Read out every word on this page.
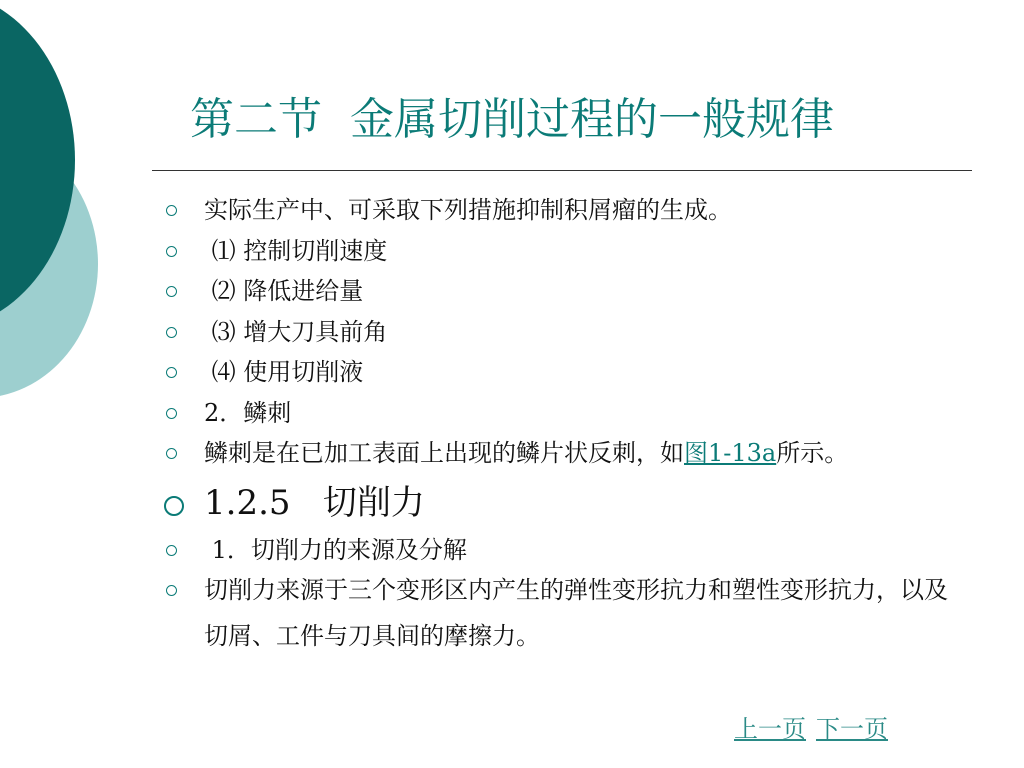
第二节  金属切削过程的一般规律
实际生产中、可采取下列措施抑制积屑瘤的生成。
⑴ 控制切削速度
⑵ 降低进给量
⑶ 增大刀具前角
⑷ 使用切削液
2．鳞刺
鳞刺是在已加工表面上出现的鳞片状反刺，如图1-13a所示。
1.2.5   切削力
1．切削力的来源及分解
切削力来源于三个变形区内产生的弹性变形抗力和塑性变形抗力，以及切屑、工件与刀具间的摩擦力。
上一页 下一页
